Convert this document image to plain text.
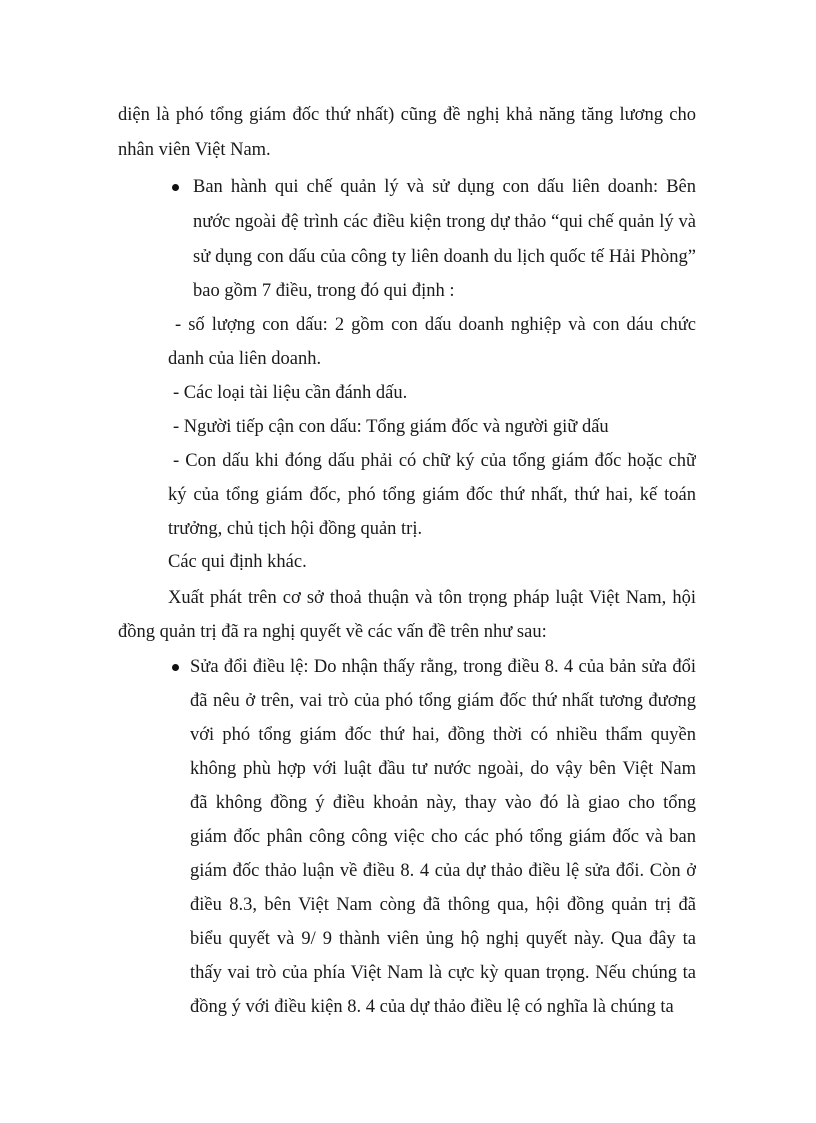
diện là phó tổng giám đốc thứ nhất) cũng đề nghị khả năng tăng lương cho
nhân viên Việt Nam.
Ban hành qui chế quản lý và sử dụng con dấu liên doanh: Bên
nước ngoài đệ trình các điều kiện trong dự thảo “qui chế quản lý và
sử dụng con dấu của công ty liên doanh du lịch quốc tế Hải Phòng”
bao gồm 7 điều, trong đó qui định :
- số lượng con dấu: 2 gồm con dấu doanh nghiệp và con dáu chức
danh của liên doanh.
- Các loại tài liệu cần đánh dấu.
- Người tiếp cận con dấu: Tổng giám đốc và người giữ dấu
- Con dấu khi đóng dấu phải có chữ ký của tổng giám đốc hoặc chữ
ký của tổng giám đốc, phó tổng giám đốc thứ nhất, thứ hai, kế toán
trưởng, chủ tịch hội đồng quản trị.
Các qui định khác.
Xuất phát trên cơ sở thoả thuận và tôn trọng pháp luật Việt Nam, hội
đồng quản trị đã ra nghị quyết về các vấn đề trên như sau:
Sửa đổi điều lệ: Do nhận thấy rằng, trong điều 8. 4 của bản sửa đổi
đã nêu ở trên, vai trò của phó tổng giám đốc thứ nhất tương đương
với phó tổng giám đốc thứ hai, đồng thời có nhiều thẩm quyền
không phù hợp với luật đầu tư nước ngoài, do vậy bên Việt Nam
đã không đồng ý điều khoản này, thay vào đó là giao cho tổng
giám đốc phân công công việc cho các phó tổng giám đốc và ban
giám đốc thảo luận về điều 8. 4 của dự thảo điều lệ sửa đổi. Còn ở
điều 8.3, bên Việt Nam còng đã thông qua, hội đồng quản trị đã
biểu quyết và 9/ 9 thành viên ủng hộ nghị quyết này. Qua đây ta
thấy vai trò của phía Việt Nam là cực kỳ quan trọng. Nếu chúng ta
đồng ý với điều kiện 8. 4 của dự thảo điều lệ có nghĩa là chúng ta
